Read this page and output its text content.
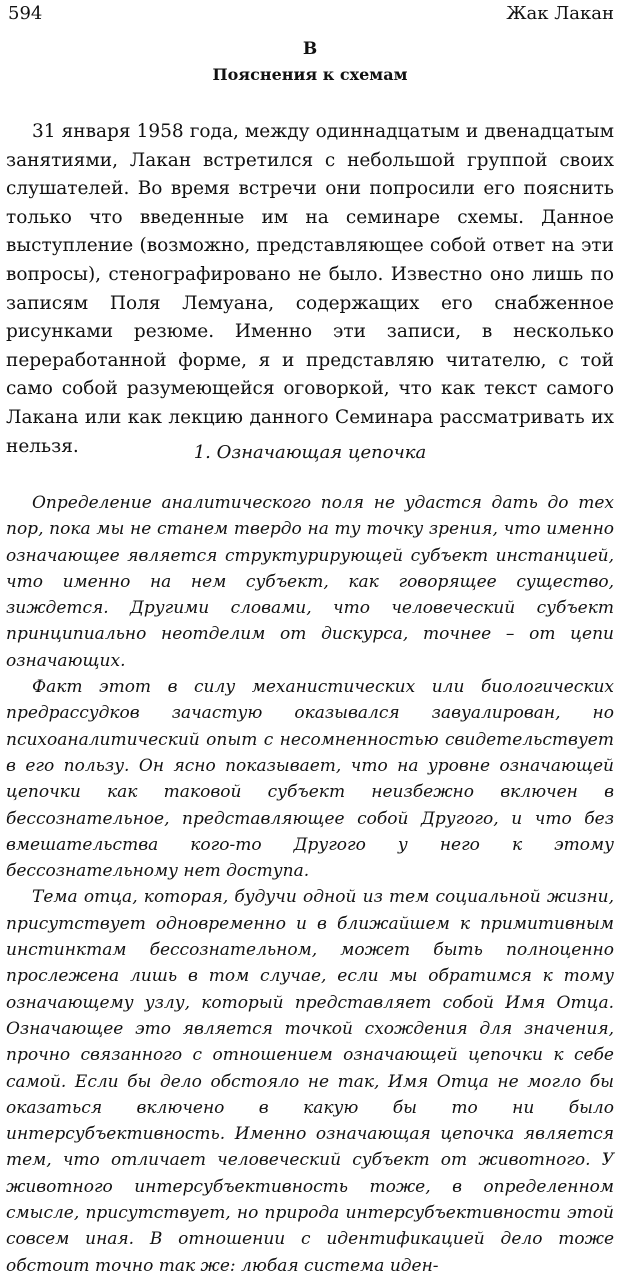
594	Жак Лакан
В
Пояснения к схемам

31 января 1958 года, между одиннадцатым и двенадцатым занятиями, Лакан встретился с небольшой группой своих слушателей. Во время встречи они попросили его пояснить только что введенные им на семинаре схемы. Данное выступление (возможно, представляющее собой ответ на эти вопросы), стенографировано не было. Известно оно лишь по записям Поля Лемуана, содержащих его снабженное рисунками резюме. Именно эти записи, в несколько переработанной форме, я и представляю читателю, с той само собой разумеющейся оговоркой, что как текст самого Лакана или как лекцию данного Семинара рассматривать их нельзя.	1. Означающая цепочка

Определение аналитического поля не удастся дать до тех пор, пока мы не станем твердо на ту точку зрения, что именно означающее является структурирующей субъект инстанцией, что именно на нем субъект, как говорящее существо, зиждется. Другими словами, что человеческий субъект принципиально неотделим от дискурса, точнее – от цепи означающих.

Факт этот в силу механистических или биологических предрассудков зачастую оказывался завуалирован, но психоаналитический опыт с несомненностью свидетельствует в его пользу. Он ясно показывает, что на уровне означающей цепочки как таковой субъект неизбежно включен в бессознательное, представляющее собой Другого, и что без вмешательства кого-то Другого у него к этому бессознательному нет доступа.

Тема отца, которая, будучи одной из тем социальной жизни, присутствует одновременно и в ближайшем к примитивным инстинктам бессознательном, может быть полноценно прослежена лишь в том случае, если мы обратимся к тому означающему узлу, который представляет собой Имя Отца. Означающее это является точкой схождения для значения, прочно связанного с отношением означающей цепочки к себе самой. Если бы дело обстояло не так, Имя Отца не могло бы оказаться включено в какую бы то ни было интерсубъективность. Именно означающая цепочка является тем, что отличает человеческий субъект от животного. У животного интерсубъективность тоже, в определенном смысле, присутствует, но природа интерсубъективности этой совсем иная. В отношении с идентификацией дело тоже обстоит точно так же: любая система иден-
